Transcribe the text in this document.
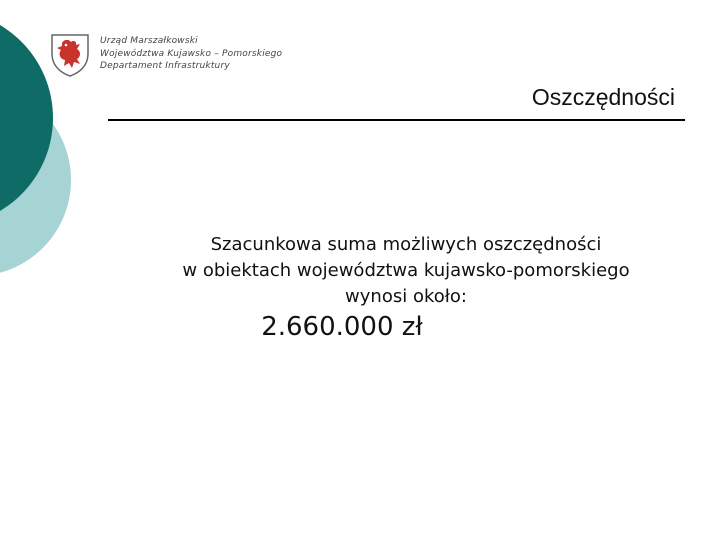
Urząd Marszałkowski
Województwa Kujawsko – Pomorskiego
Departament Infrastruktury
Oszczędności
Szacunkowa suma możliwych oszczędności
w obiektach województwa kujawsko-pomorskiego
wynosi około:
2.660.000 zł
